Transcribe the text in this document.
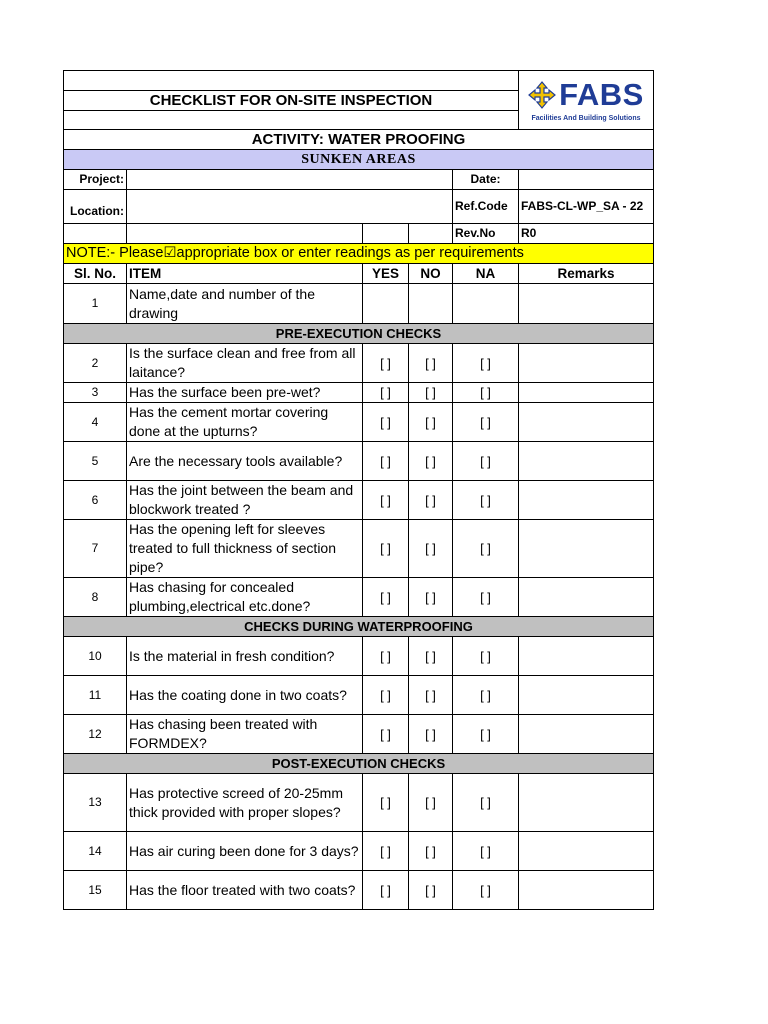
					FABS
Facilities And Building Solutions

CHECKLIST FOR ON-SITE INSPECTION					

ACTIVITY: WATER PROOFING					
SUNKEN AREAS					
Project:				Date:	
Location:				Ref.Code	FABS-CL-WP_SA - 22
				Rev.No	R0
NOTE:- Please☑appropriate box or enter readings as per requirements					
Sl. No.	ITEM	YES	NO	NA	Remarks
1	Name,date and number of the drawing				
PRE-EXECUTION CHECKS					
2	Is the surface clean and free from all laitance?	[ ]	[ ]	[ ]	
3	Has the surface been pre-wet?	[ ]	[ ]	[ ]	
4	Has the cement mortar covering done at the upturns?	[ ]	[ ]	[ ]	
5	Are the necessary tools available?	[ ]	[ ]	[ ]	
6	Has the joint between the beam and blockwork treated ?	[ ]	[ ]	[ ]	
7	Has the opening left for sleeves treated to full thickness of section pipe?	[ ]	[ ]	[ ]	
8	Has chasing for concealed plumbing,electrical etc.done?	[ ]	[ ]	[ ]	
CHECKS DURING WATERPROOFING					
10	Is the material in fresh condition?	[ ]	[ ]	[ ]	
11	Has the coating done in two coats?	[ ]	[ ]	[ ]	
12	Has chasing been treated with FORMDEX?	[ ]	[ ]	[ ]	
POST-EXECUTION CHECKS					
13	Has protective screed of 20-25mm thick provided with proper slopes?	[ ]	[ ]	[ ]	
14	Has air curing been done for 3 days?	[ ]	[ ]	[ ]	
15	Has the floor treated with two coats?	[ ]	[ ]	[ ]	
